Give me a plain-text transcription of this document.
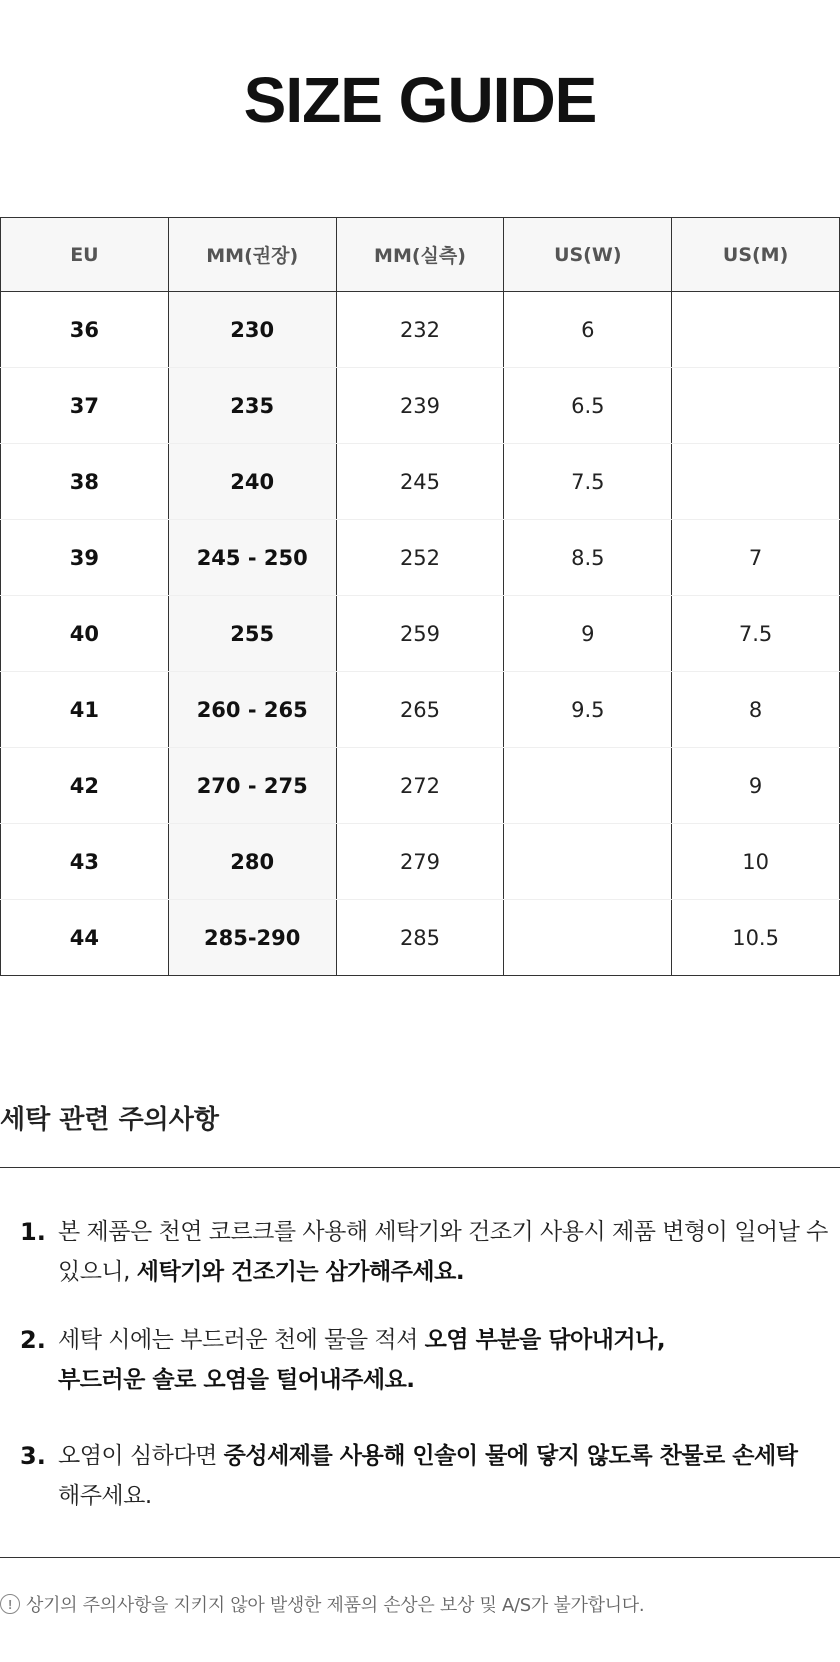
SIZE GUIDE
EU	MM(권장)	MM(실측)	US(W)	US(M)
36	230	232	6	
37	235	239	6.5	
38	240	245	7.5	
39	245 - 250	252	8.5	7
40	255	259	9	7.5
41	260 - 265	265	9.5	8
42	270 - 275	272		9
43	280	279		10
44	285-290	285		10.5
세탁 관련 주의사항
1. 본 제품은 천연 코르크를 사용해 세탁기와 건조기 사용시 제품 변형이 일어날 수 있으니, 세탁기와 건조기는 삼가해주세요.
2. 세탁 시에는 부드러운 천에 물을 적셔 오염 부분을 닦아내거나,
부드러운 솔로 오염을 털어내주세요.
3. 오염이 심하다면 중성세제를 사용해 인솔이 물에 닿지 않도록 찬물로 손세탁
해주세요.
! 상기의 주의사항을 지키지 않아 발생한 제품의 손상은 보상 및 A/S가 불가합니다.
